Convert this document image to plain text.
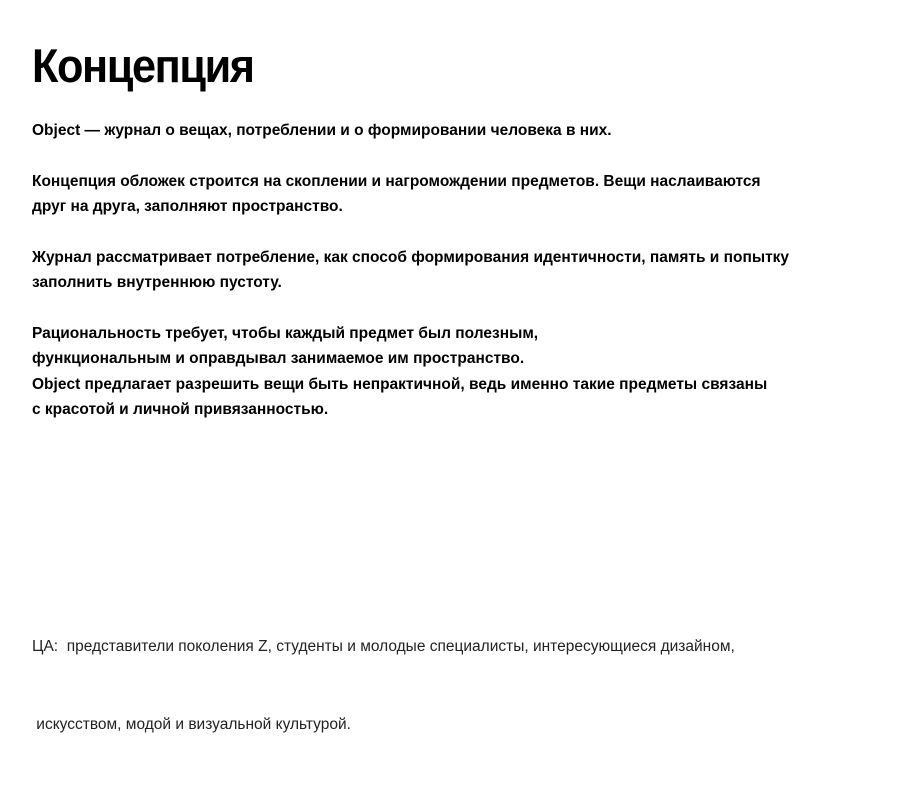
Концепция

Object — журнал о вещах, потреблении и о формировании человека в них.

Концепция обложек строится на скоплении и нагромождении предметов. Вещи наслаиваются
друг на друга, заполняют пространство.

Журнал рассматривает потребление, как способ формирования идентичности, память и попытку
заполнить внутреннюю пустоту.

Рациональность требует, чтобы каждый предмет был полезным,
функциональным и оправдывал занимаемое им пространство.
Object предлагает разрешить вещи быть непрактичной, ведь именно такие предметы связаны
с красотой и личной привязанностью.

ЦА:  представители поколения Z, студенты и молодые специалисты, интересующиеся дизайном,

искусством, модой и визуальной культурой.
